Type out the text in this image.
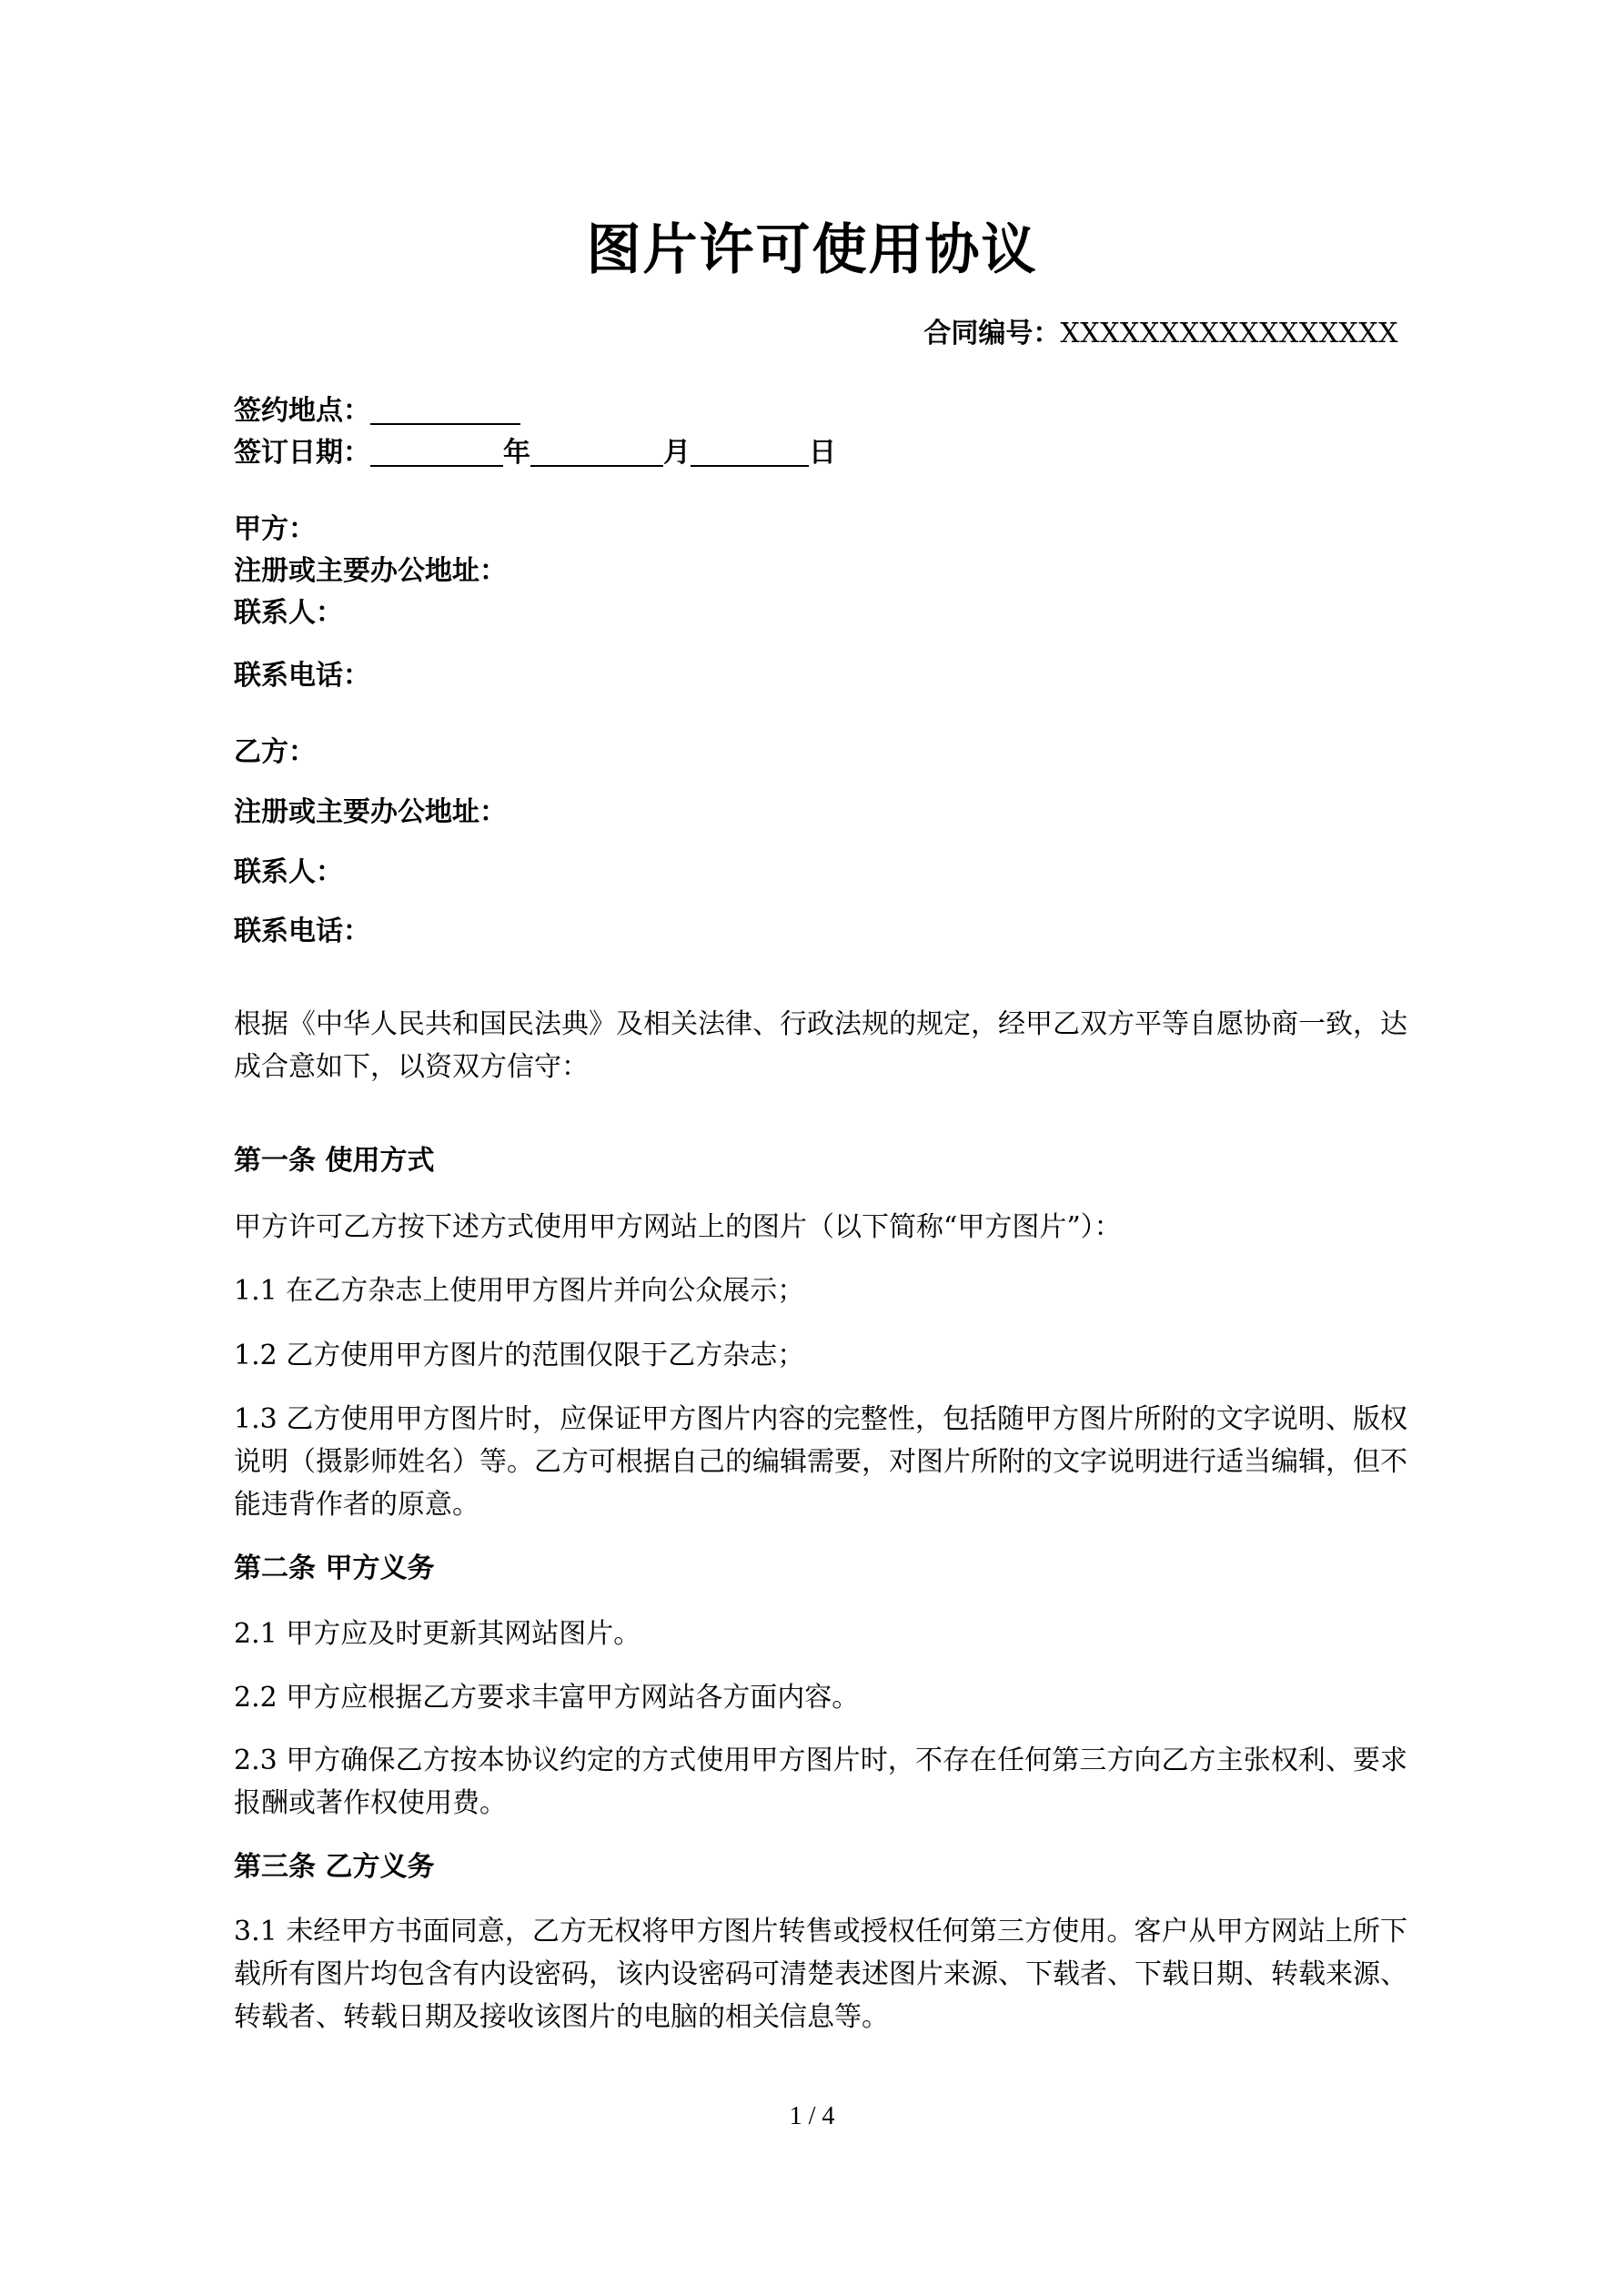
图片许可使用协议
合同编号：XXXXXXXXXXXXXXXXX
签约地点：
签订日期：	年	月	日
甲方：
注册或主要办公地址：
联系人：
联系电话：
乙方：
注册或主要办公地址：
联系人：
联系电话：
根据《中华人民共和国民法典》及相关法律、行政法规的规定，经甲乙双方平等自愿协商一致，达成合意如下，以资双方信守：
第一条 使用方式
甲方许可乙方按下述方式使用甲方网站上的图片（以下简称“甲方图片”）：
1.1 在乙方杂志上使用甲方图片并向公众展示；
1.2 乙方使用甲方图片的范围仅限于乙方杂志；
1.3 乙方使用甲方图片时，应保证甲方图片内容的完整性，包括随甲方图片所附的文字说明、版权说明（摄影师姓名）等。乙方可根据自己的编辑需要，对图片所附的文字说明进行适当编辑，但不能违背作者的原意。
第二条 甲方义务
2.1 甲方应及时更新其网站图片。
2.2 甲方应根据乙方要求丰富甲方网站各方面内容。
2.3 甲方确保乙方按本协议约定的方式使用甲方图片时，不存在任何第三方向乙方主张权利、要求报酬或著作权使用费。
第三条 乙方义务
3.1 未经甲方书面同意，乙方无权将甲方图片转售或授权任何第三方使用。客户从甲方网站上所下载所有图片均包含有内设密码，该内设密码可清楚表述图片来源、下载者、下载日期、转载来源、转载者、转载日期及接收该图片的电脑的相关信息等。
1 / 4
